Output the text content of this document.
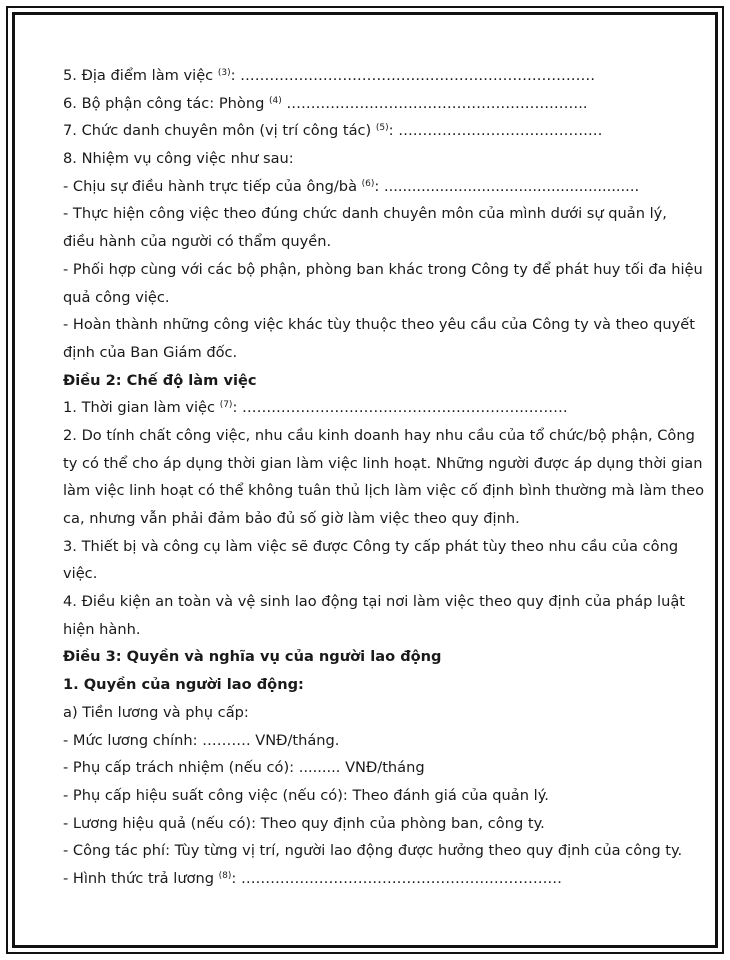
5. Địa điểm làm việc $^{(3)}$: ………………………………….……………………………
6. Bộ phận công tác: Phòng $^{(4)}$ ……………………………………………………..
7. Chức danh chuyên môn (vị trí công tác) $^{(5)}$: ……………………………………
8. Nhiệm vụ công việc như sau:
- Chịu sự điều hành trực tiếp của ông/bà $^{(6)}$: .......................................................
- Thực hiện công việc theo đúng chức danh chuyên môn của mình dưới sự quản lý,
điều hành của người có thẩm quyền.
- Phối hợp cùng với các bộ phận, phòng ban khác trong Công ty để phát huy tối đa hiệu
quả công việc.
- Hoàn thành những công việc khác tùy thuộc theo yêu cầu của Công ty và theo quyết
định của Ban Giám đốc.
Điều 2: Chế độ làm việc
1. Thời gian làm việc $^{(7)}$: ………………………………………………….………
2. Do tính chất công việc, nhu cầu kinh doanh hay nhu cầu của tổ chức/bộ phận, Công
ty có thể cho áp dụng thời gian làm việc linh hoạt. Những người được áp dụng thời gian
làm việc linh hoạt có thể không tuân thủ lịch làm việc cố định bình thường mà làm theo
ca, nhưng vẫn phải đảm bảo đủ số giờ làm việc theo quy định.
3. Thiết bị và công cụ làm việc sẽ được Công ty cấp phát tùy theo nhu cầu của công
việc.
4. Điều kiện an toàn và vệ sinh lao động tại nơi làm việc theo quy định của pháp luật
hiện hành.
Điều 3: Quyền và nghĩa vụ của người lao động
1. Quyền của người lao động:
a) Tiền lương và phụ cấp:
- Mức lương chính: ………. VNĐ/tháng.
- Phụ cấp trách nhiệm (nếu có): ......... VNĐ/tháng
- Phụ cấp hiệu suất công việc (nếu có): Theo đánh giá của quản lý.
- Lương hiệu quả (nếu có): Theo quy định của phòng ban, công ty.
- Công tác phí: Tùy từng vị trí, người lao động được hưởng theo quy định của công ty.
- Hình thức trả lương $^{(8)}$: …………………………………………………………
